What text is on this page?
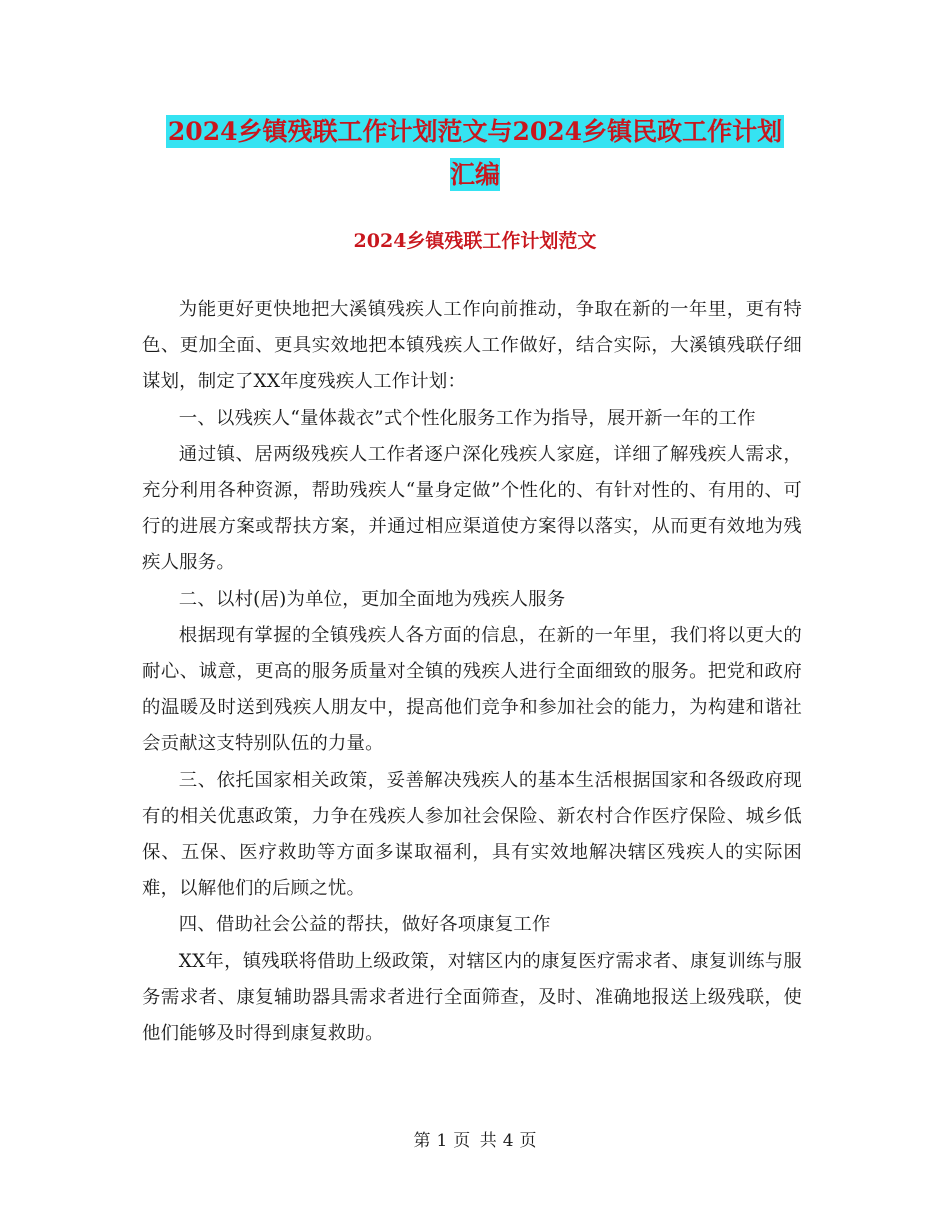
2024乡镇残联工作计划范文与2024乡镇民政工作计划
汇编
2024乡镇残联工作计划范文

为能更好更快地把大溪镇残疾人工作向前推动，争取在新的一年里，更有特色、更加全面、更具实效地把本镇残疾人工作做好，结合实际，大溪镇残联仔细谋划，制定了XX年度残疾人工作计划：

一、以残疾人“量体裁衣”式个性化服务工作为指导，展开新一年的工作

通过镇、居两级残疾人工作者逐户深化残疾人家庭，详细了解残疾人需求，充分利用各种资源，帮助残疾人“量身定做”个性化的、有针对性的、有用的、可行的进展方案或帮扶方案，并通过相应渠道使方案得以落实，从而更有效地为残疾人服务。

二、以村(居)为单位，更加全面地为残疾人服务

根据现有掌握的全镇残疾人各方面的信息，在新的一年里，我们将以更大的耐心、诚意，更高的服务质量对全镇的残疾人进行全面细致的服务。把党和政府的温暖及时送到残疾人朋友中，提高他们竞争和参加社会的能力，为构建和谐社会贡献这支特别队伍的力量。

三、依托国家相关政策，妥善解决残疾人的基本生活根据国家和各级政府现有的相关优惠政策，力争在残疾人参加社会保险、新农村合作医疗保险、城乡低保、五保、医疗救助等方面多谋取福利，具有实效地解决辖区残疾人的实际困难，以解他们的后顾之忧。

四、借助社会公益的帮扶，做好各项康复工作

XX年，镇残联将借助上级政策，对辖区内的康复医疗需求者、康复训练与服务需求者、康复辅助器具需求者进行全面筛查，及时、准确地报送上级残联，使他们能够及时得到康复救助。

第 1 页 共 4 页
